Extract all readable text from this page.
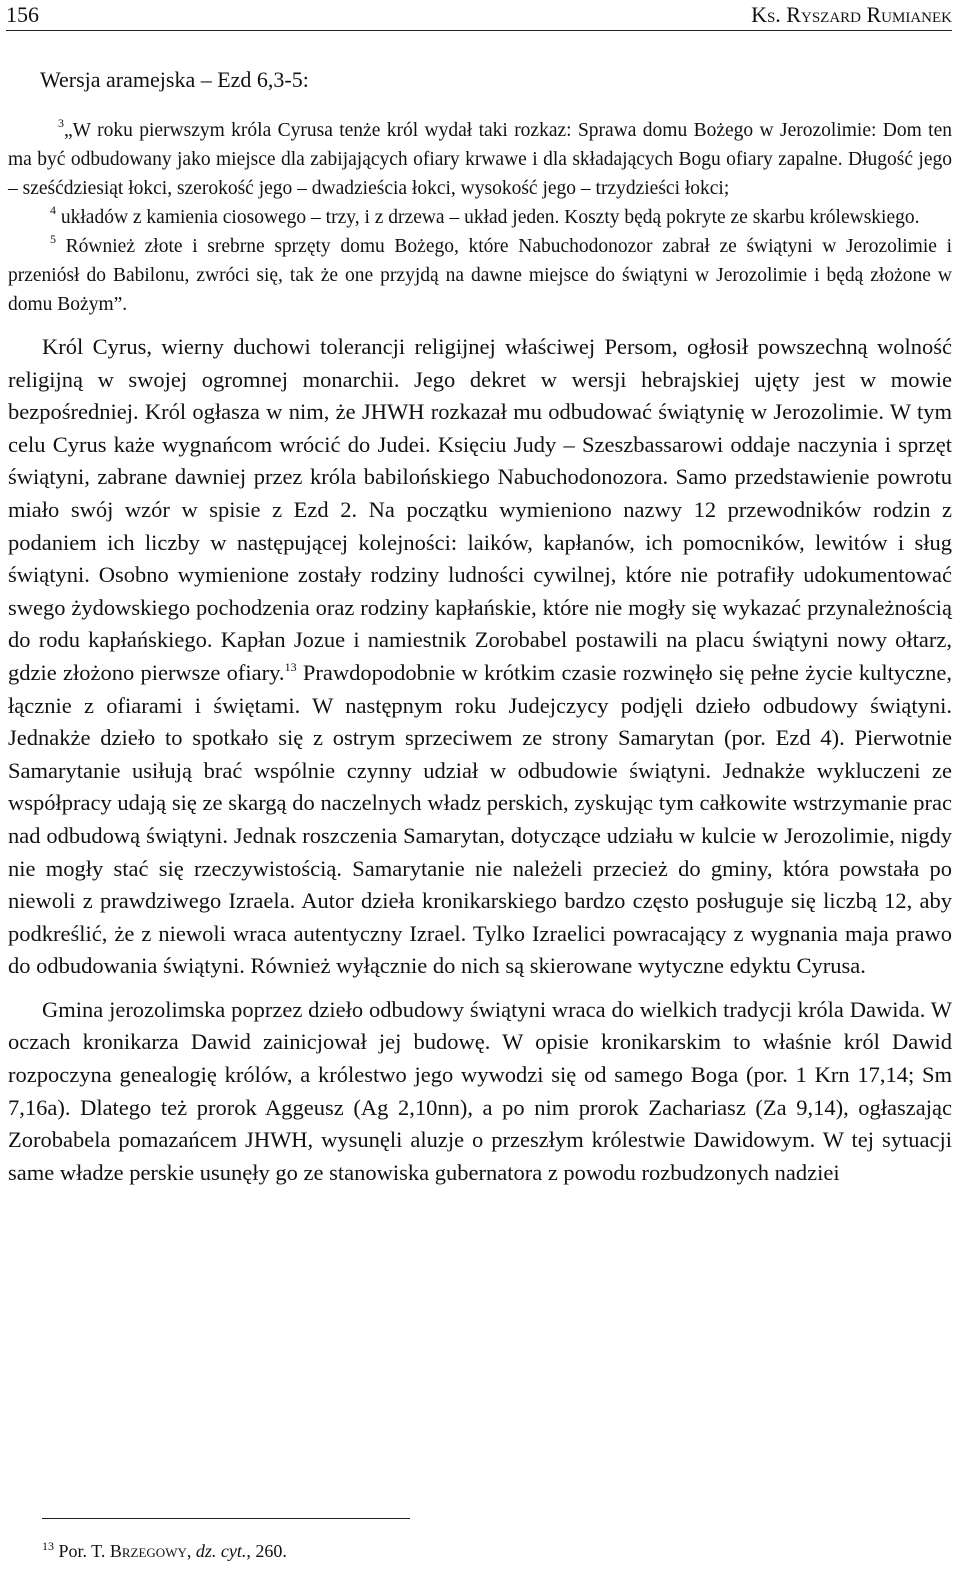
156	Ks. Ryszard Rumianek
Wersja aramejska – Ezd 6,3-5:

$^3$„W roku pierwszym króla Cyrusa tenże król wydał taki rozkaz: Sprawa domu Bożego w Jerozolimie: Dom ten ma być odbudowany jako miejsce dla zabijających ofiary krwawe i dla składających Bogu ofiary zapalne. Długość jego – sześćdziesiąt łokci, szerokość jego – dwadzieścia łokci, wysokość jego – trzydzieści łokci;

$^4$ układów z kamienia ciosowego – trzy, i z drzewa – układ jeden. Koszty będą pokryte ze skarbu królewskiego.

$^5$ Również złote i srebrne sprzęty domu Bożego, które Nabuchodonozor zabrał ze świątyni w Jerozolimie i przeniósł do Babilonu, zwróci się, tak że one przyjdą na dawne miejsce do świątyni w Jerozolimie i będą złożone w domu Bożym”.

Król Cyrus, wierny duchowi tolerancji religijnej właściwej Persom, ogłosił powszechną wolność religijną w swojej ogromnej monarchii. Jego dekret w wersji hebrajskiej ujęty jest w mowie bezpośredniej. Król ogłasza w nim, że JHWH rozkazał mu odbudować świątynię w Jerozolimie. W tym celu Cyrus każe wygnańcom wrócić do Judei. Księciu Judy – Szeszbassarowi oddaje naczynia i sprzęt świątyni, zabrane dawniej przez króla babilońskiego Nabuchodonozora. Samo przedstawienie powrotu miało swój wzór w spisie z Ezd 2. Na początku wymieniono nazwy 12 przewodników rodzin z podaniem ich liczby w następującej kolejności: laików, kapłanów, ich pomocników, lewitów i sług świątyni. Osobno wymienione zostały rodziny ludności cywilnej, które nie potrafiły udokumentować swego żydowskiego pochodzenia oraz rodziny kapłańskie, które nie mogły się wykazać przynależnością do rodu kapłańskiego. Kapłan Jozue i namiestnik Zorobabel postawili na placu świątyni nowy ołtarz, gdzie złożono pierwsze ofiary.$^{13}$ Prawdopodobnie w krótkim czasie rozwinęło się pełne życie kultyczne, łącznie z ofiarami i świętami. W następnym roku Judejczycy podjęli dzieło odbudowy świątyni. Jednakże dzieło to spotkało się z ostrym sprzeciwem ze strony Samarytan (por. Ezd 4). Pierwotnie Samarytanie usiłują brać wspólnie czynny udział w odbudowie świątyni. Jednakże wykluczeni ze współpracy udają się ze skargą do naczelnych władz perskich, zyskując tym całkowite wstrzymanie prac nad odbudową świątyni. Jednak roszczenia Samarytan, dotyczące udziału w kulcie w Jerozolimie, nigdy nie mogły stać się rzeczywistością. Samarytanie nie należeli przecież do gminy, która powstała po niewoli z prawdziwego Izraela. Autor dzieła kronikarskiego bardzo często posługuje się liczbą 12, aby podkreślić, że z niewoli wraca autentyczny Izrael. Tylko Izraelici powracający z wygnania maja prawo do odbudowania świątyni. Również wyłącznie do nich są skierowane wytyczne edyktu Cyrusa.

Gmina jerozolimska poprzez dzieło odbudowy świątyni wraca do wielkich tradycji króla Dawida. W oczach kronikarza Dawid zainicjował jej budowę. W opisie kronikarskim to właśnie król Dawid rozpoczyna genealogię królów, a królestwo jego wywodzi się od samego Boga (por. 1 Krn 17,14; Sm 7,16a). Dlatego też prorok Aggeusz (Ag 2,10nn), a po nim prorok Zachariasz (Za 9,14), ogłaszając Zorobabela pomazańcem JHWH, wysunęli aluzje o przeszłym królestwie Dawidowym. W tej sytuacji same władze perskie usunęły go ze stanowiska gubernatora z powodu rozbudzonych nadziei

$^{13}$ Por. T. Brzegowy, dz. cyt., 260.
